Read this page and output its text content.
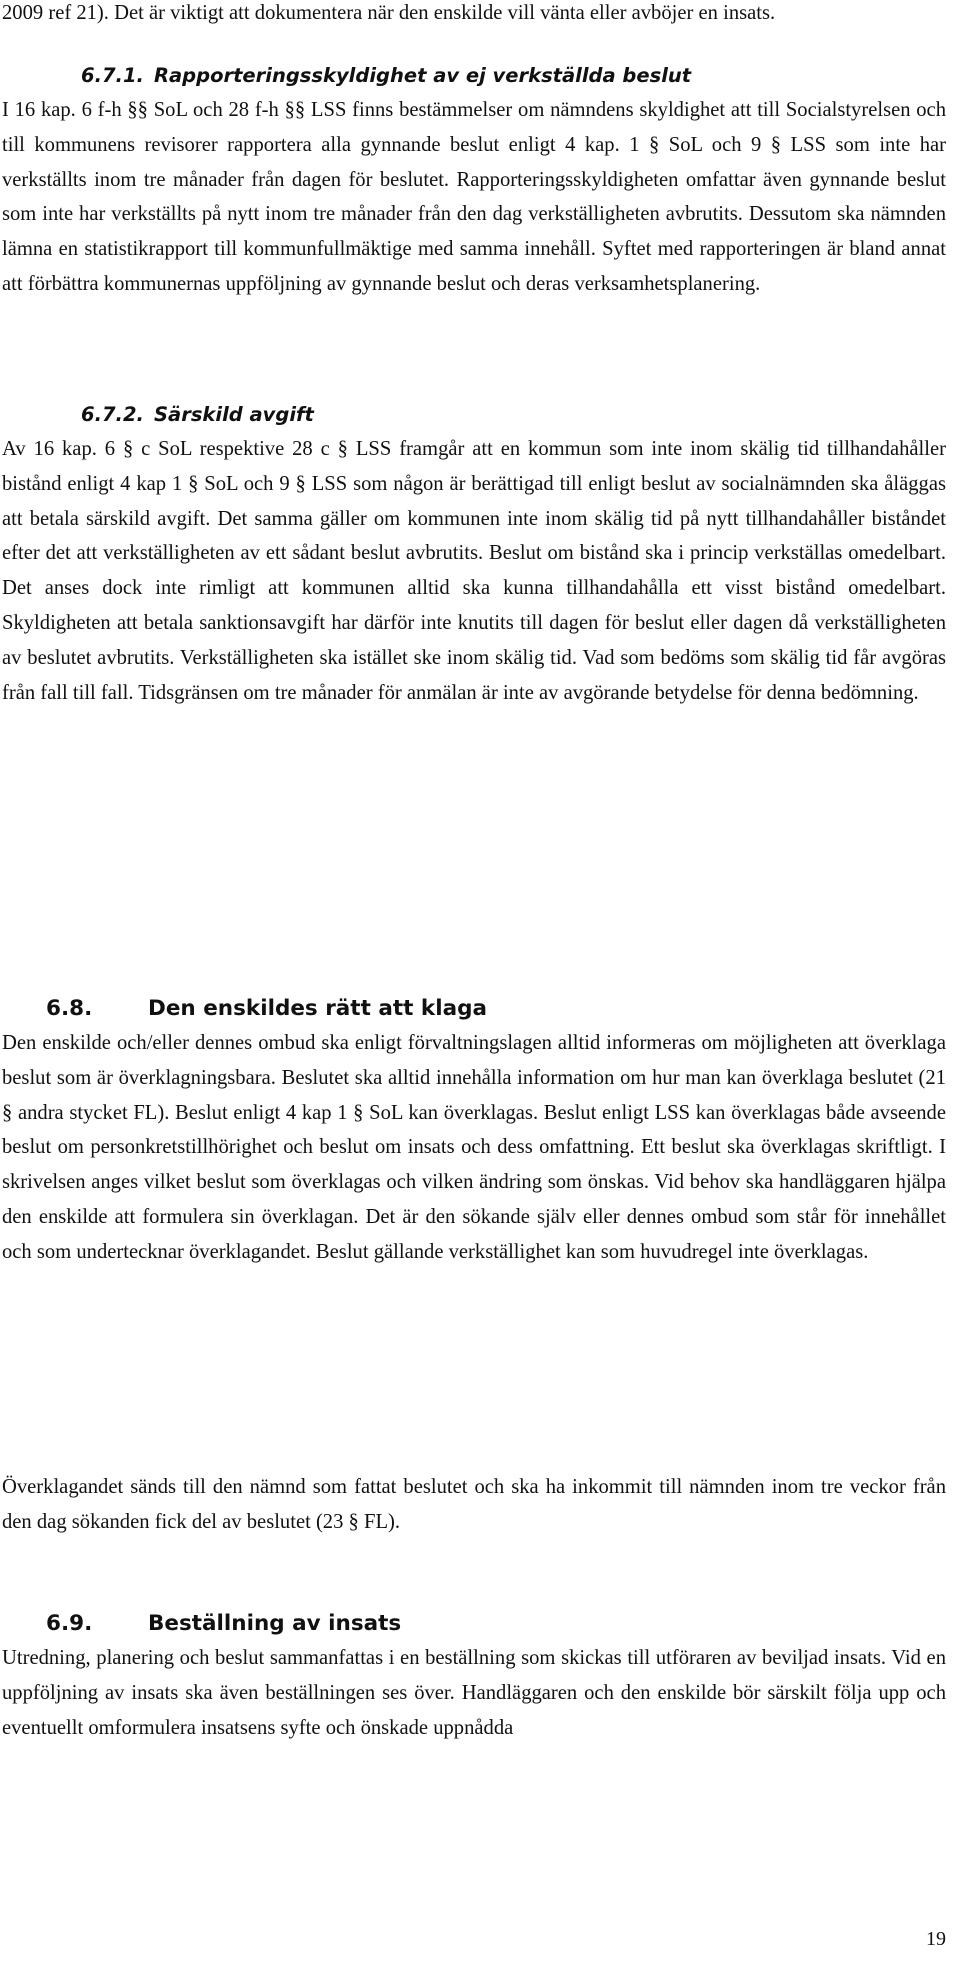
2009 ref 21). Det är viktigt att dokumentera när den enskilde vill vänta eller avböjer en insats.

6.7.1. Rapporteringsskyldighet av ej verkställda beslut

I 16 kap. 6 f-h §§ SoL och 28 f-h §§ LSS finns bestämmelser om nämndens skyldighet att till Socialstyrelsen och till kommunens revisorer rapportera alla gynnande beslut enligt 4 kap. 1 § SoL och 9 § LSS som inte har verkställts inom tre månader från dagen för beslutet. Rapporteringsskyldigheten omfattar även gynnande beslut som inte har verkställts på nytt inom tre månader från den dag verkställigheten avbrutits. Dessutom ska nämnden lämna en statistikrapport till kommunfullmäktige med samma innehåll. Syftet med rapporteringen är bland annat att förbättra kommunernas uppföljning av gynnande beslut och deras verksamhetsplanering.

6.7.2. Särskild avgift

Av 16 kap. 6 § c SoL respektive 28 c § LSS framgår att en kommun som inte inom skälig tid tillhandahåller bistånd enligt 4 kap 1 § SoL och 9 § LSS som någon är berättigad till enligt beslut av socialnämnden ska åläggas att betala särskild avgift. Det samma gäller om kommunen inte inom skälig tid på nytt tillhandahåller biståndet efter det att verkställigheten av ett sådant beslut avbrutits. Beslut om bistånd ska i princip verkställas omedelbart. Det anses dock inte rimligt att kommunen alltid ska kunna tillhandahålla ett visst bistånd omedelbart. Skyldigheten att betala sanktionsavgift har därför inte knutits till dagen för beslut eller dagen då verkställigheten av beslutet avbrutits. Verkställigheten ska istället ske inom skälig tid. Vad som bedöms som skälig tid får avgöras från fall till fall. Tidsgränsen om tre månader för anmälan är inte av avgörande betydelse för denna bedömning.

6.8.	Den enskildes rätt att klaga

Den enskilde och/eller dennes ombud ska enligt förvaltningslagen alltid informeras om möjligheten att överklaga beslut som är överklagningsbara. Beslutet ska alltid innehålla information om hur man kan överklaga beslutet (21 § andra stycket FL). Beslut enligt 4 kap 1 § SoL kan överklagas. Beslut enligt LSS kan överklagas både avseende beslut om personkretstillhörighet och beslut om insats och dess omfattning. Ett beslut ska överklagas skriftligt. I skrivelsen anges vilket beslut som överklagas och vilken ändring som önskas. Vid behov ska handläggaren hjälpa den enskilde att formulera sin överklagan. Det är den sökande själv eller dennes ombud som står för innehållet och som undertecknar överklagandet. Beslut gällande verkställighet kan som huvudregel inte överklagas.

Överklagandet sänds till den nämnd som fattat beslutet och ska ha inkommit till nämnden inom tre veckor från den dag sökanden fick del av beslutet (23 § FL).

6.9.	Beställning av insats

Utredning, planering och beslut sammanfattas i en beställning som skickas till utföraren av beviljad insats. Vid en uppföljning av insats ska även beställningen ses över. Handläggaren och den enskilde bör särskilt följa upp och eventuellt omformulera insatsens syfte och önskade uppnådda

19
